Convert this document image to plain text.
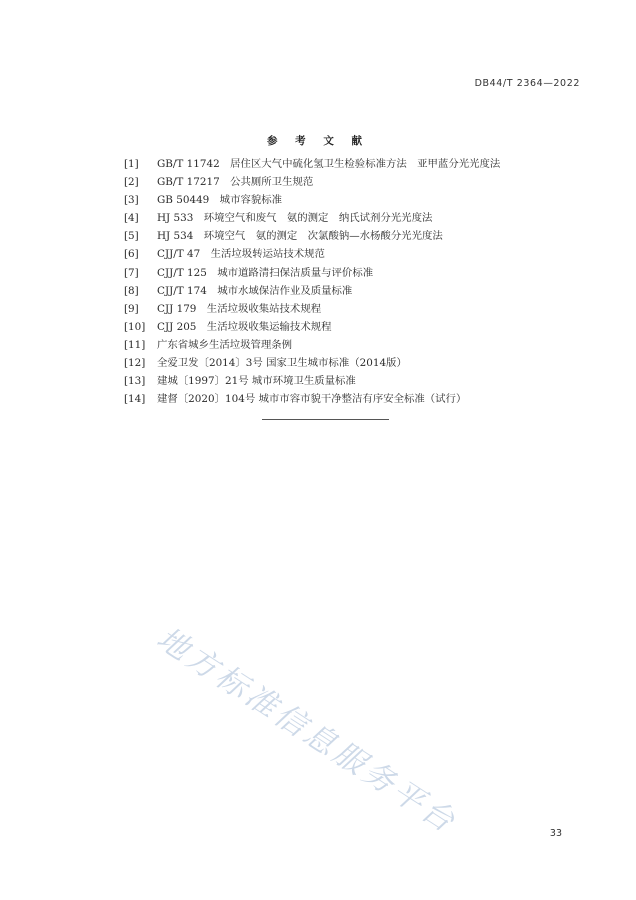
DB44/T 2364—2022
参 考 文 献
[1] GB/T 11742　居住区大气中硫化氢卫生检验标准方法　亚甲蓝分光光度法
[2] GB/T 17217　公共厕所卫生规范
[3] GB 50449　城市容貌标准
[4] HJ 533　环境空气和废气　氨的测定　纳氏试剂分光光度法
[5] HJ 534　环境空气　氨的测定　次氯酸钠—水杨酸分光光度法
[6] CJJ/T 47　生活垃圾转运站技术规范
[7] CJJ/T 125　城市道路清扫保洁质量与评价标准
[8] CJJ/T 174　城市水域保洁作业及质量标准
[9] CJJ 179　生活垃圾收集站技术规程
[10] CJJ 205　生活垃圾收集运输技术规程
[11] 广东省城乡生活垃圾管理条例
[12] 全爱卫发〔2014〕3号 国家卫生城市标准（2014版）
[13] 建城〔1997〕21号 城市环境卫生质量标准
[14] 建督〔2020〕104号 城市市容市貌干净整洁有序安全标准（试行）
地方标准信息服务平台	33
